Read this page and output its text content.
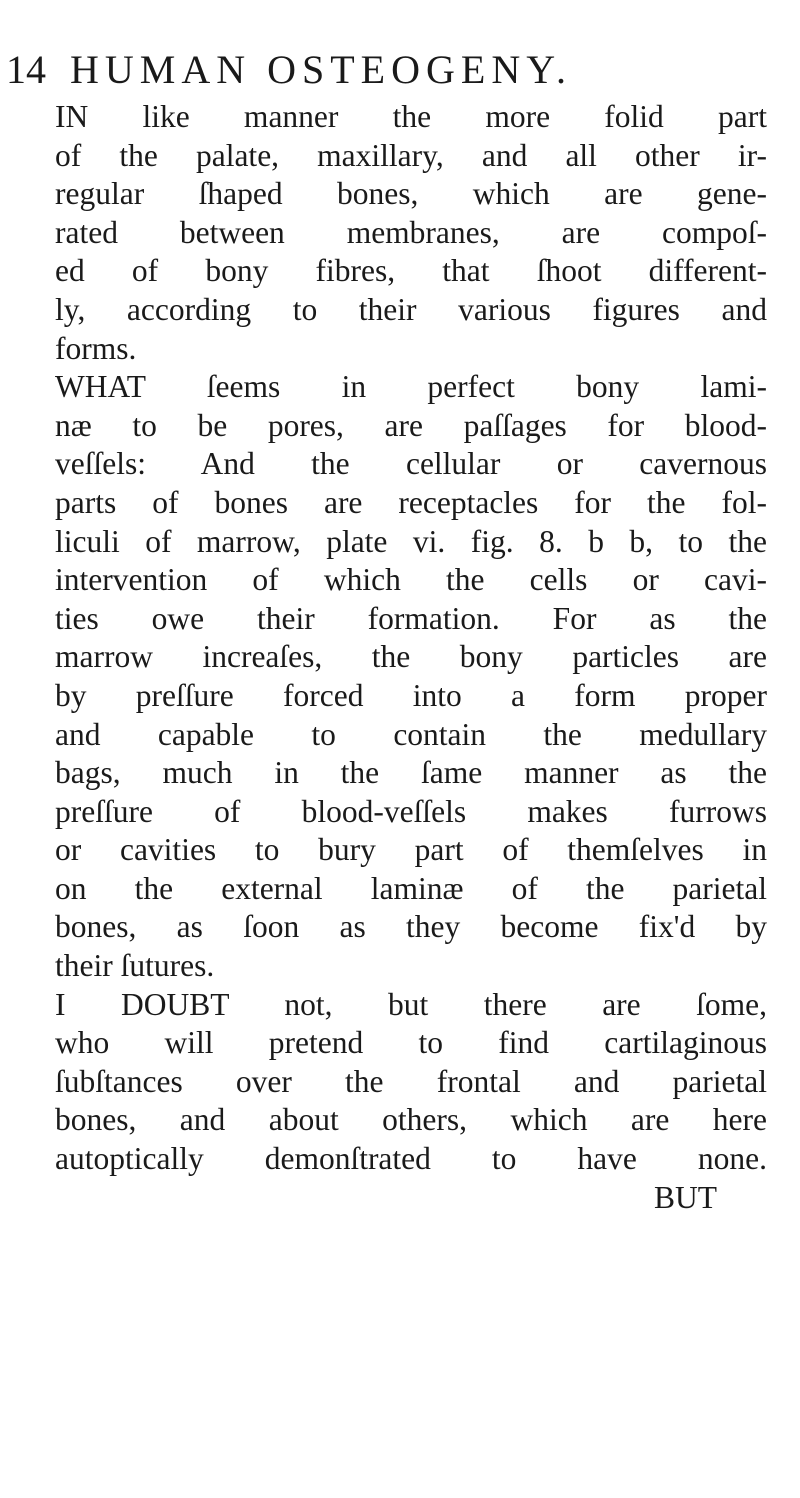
14 HUMAN OSTEOGENY.
IN like manner the more folid part
of the palate, maxillary, and all other ir-
regular ſhaped bones, which are gene-
rated between membranes, are compoſ-
ed of bony fibres, that ſhoot different-
ly, according to their various figures and
forms.
WHAT ſeems in perfect bony lami-
næ to be pores, are paſſages for blood-
veſſels: And the cellular or cavernous
parts of bones are receptacles for the fol-
liculi of marrow, plate vi. fig. 8. b b, to the
intervention of which the cells or cavi-
ties owe their formation. For as the
marrow increaſes, the bony particles are
by preſſure forced into a form proper
and capable to contain the medullary
bags, much in the ſame manner as the
preſſure of blood-veſſels makes furrows
or cavities to bury part of themſelves in
on the external laminæ of the parietal
bones, as ſoon as they become fix'd by
their ſutures.
I DOUBT not, but there are ſome,
who will pretend to find cartilaginous
ſubſtances over the frontal and parietal
bones, and about others, which are here
autoptically demonſtrated to have none.
BUT
